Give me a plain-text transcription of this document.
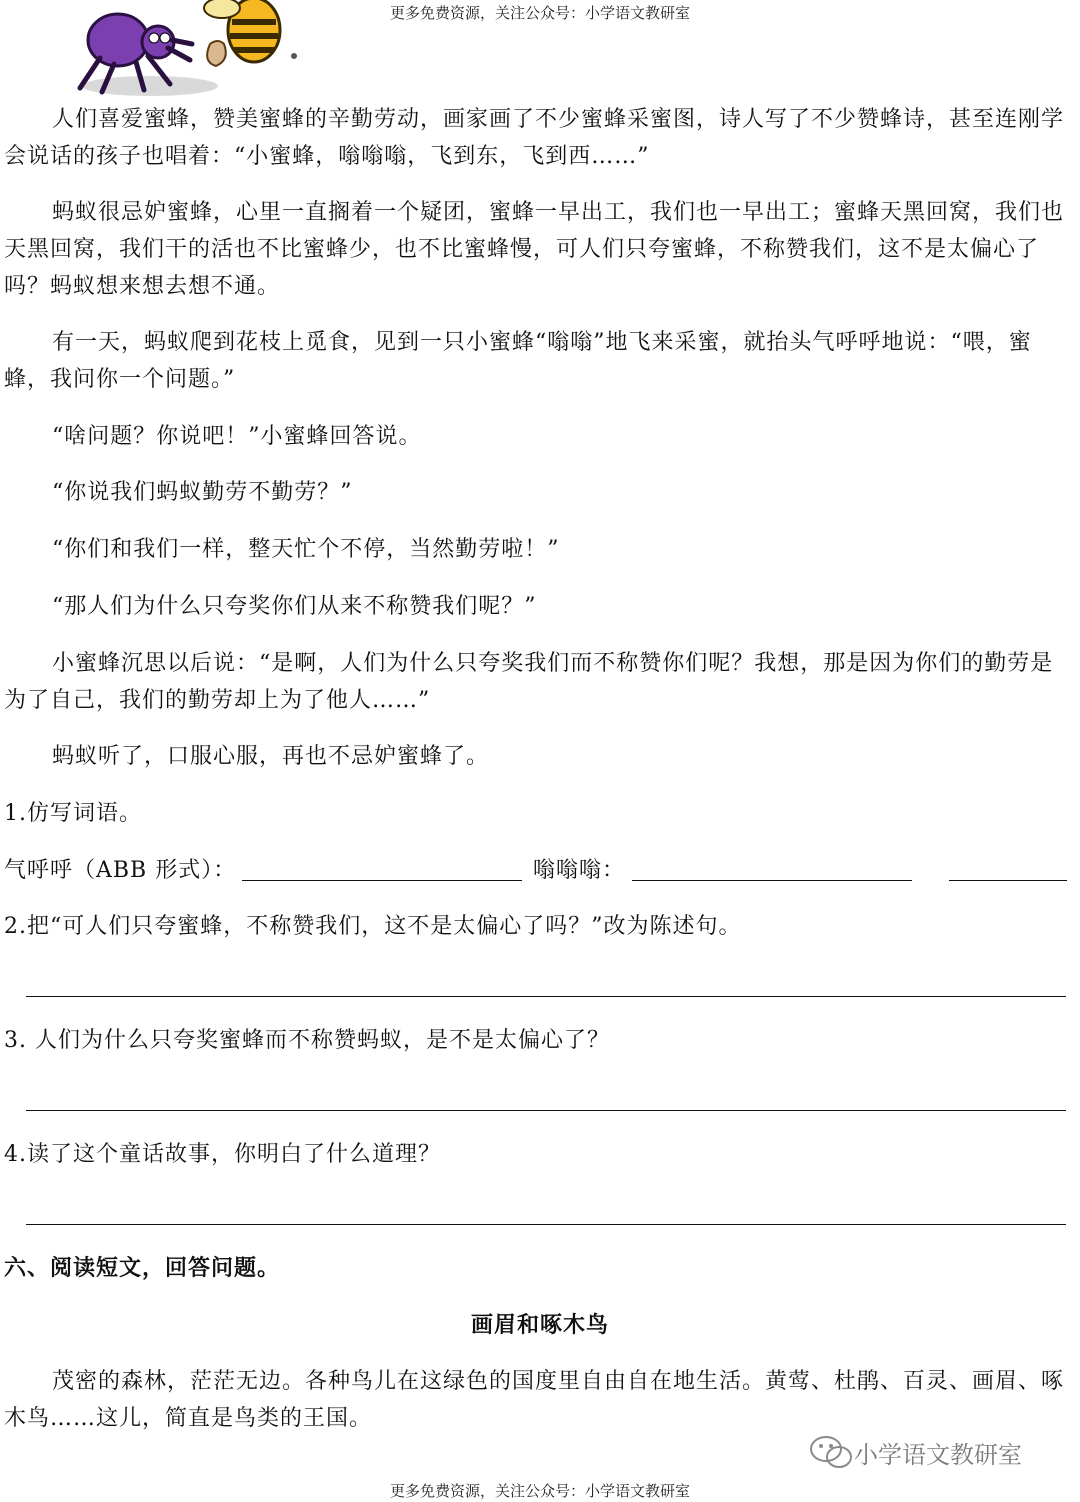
更多免费资源，关注公众号：小学语文教研室

人们喜爱蜜蜂，赞美蜜蜂的辛勤劳动，画家画了不少蜜蜂采蜜图，诗人写了不少赞蜂诗，甚至连刚学会说话的孩子也唱着：“小蜜蜂，嗡嗡嗡，飞到东，飞到西……”

蚂蚁很忌妒蜜蜂，心里一直搁着一个疑团，蜜蜂一早出工，我们也一早出工；蜜蜂天黑回窝，我们也天黑回窝，我们干的活也不比蜜蜂少，也不比蜜蜂慢，可人们只夸蜜蜂，不称赞我们，这不是太偏心了吗？蚂蚁想来想去想不通。

有一天，蚂蚁爬到花枝上觅食，见到一只小蜜蜂“嗡嗡”地飞来采蜜，就抬头气呼呼地说：“喂，蜜蜂，我问你一个问题。”

“啥问题？你说吧！”小蜜蜂回答说。

“你说我们蚂蚁勤劳不勤劳？”

“你们和我们一样，整天忙个不停，当然勤劳啦！”

“那人们为什么只夸奖你们从来不称赞我们呢？”

小蜜蜂沉思以后说：“是啊，人们为什么只夸奖我们而不称赞你们呢？我想，那是因为你们的勤劳是为了自己，我们的勤劳却上为了他人……”

蚂蚁听了，口服心服，再也不忌妒蜜蜂了。

1.仿写词语。

气呼呼（ABB 形式）：	嗡嗡嗡：

2.把“可人们只夸蜜蜂，不称赞我们，这不是太偏心了吗？”改为陈述句。

3. 人们为什么只夸奖蜜蜂而不称赞蚂蚁，是不是太偏心了？

4.读了这个童话故事，你明白了什么道理？

六、阅读短文，回答问题。

画眉和啄木鸟

茂密的森林，茫茫无边。各种鸟儿在这绿色的国度里自由自在地生活。黄莺、杜鹃、百灵、画眉、啄木鸟……这儿，简直是鸟类的王国。

小学语文教研室
更多免费资源，关注公众号：小学语文教研室
